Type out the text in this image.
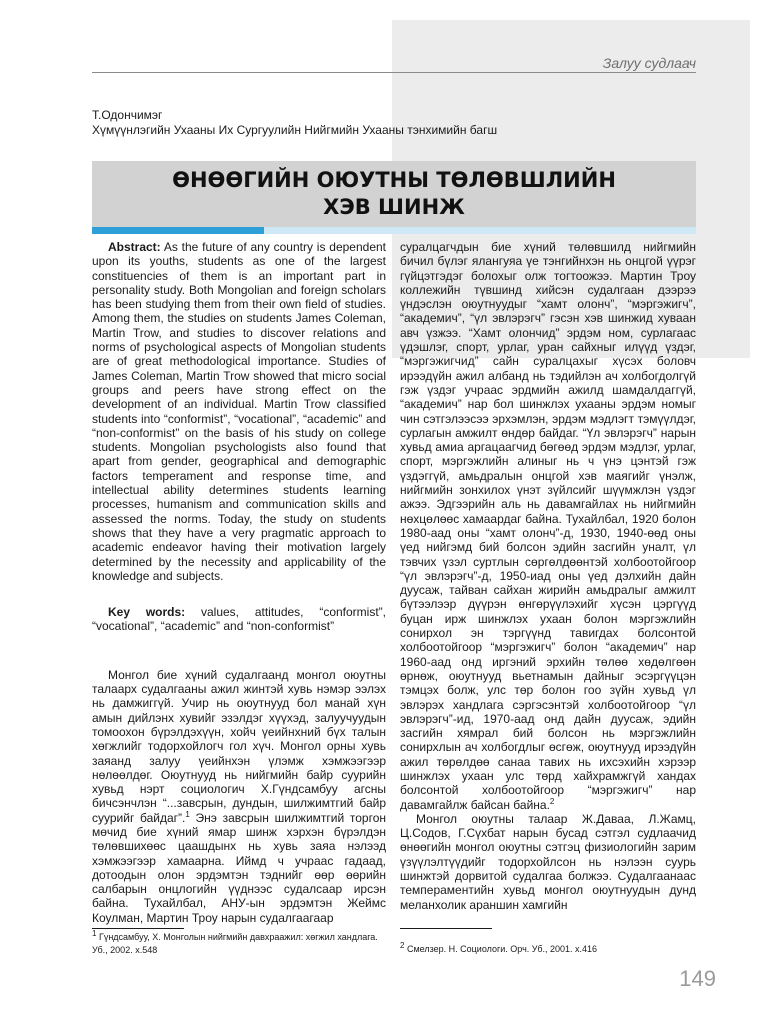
Залуу судлаач
Т.Одончимэг
Хүмүүнлэгийн Ухааны Их Сургуулийн Нийгмийн Ухааны тэнхимийн багш
ӨНӨӨГИЙН ОЮУТНЫ ТӨЛӨВШЛИЙН
ХЭВ ШИНЖ

Abstract: As the future of any country is dependent upon its youths, students as one of the largest constituencies of them is an important part in personality study. Both Mongolian and foreign scholars has been studying them from their own field of studies. Among them, the studies on students James Coleman, Martin Trow, and studies to discover relations and norms of psychological aspects of Mongolian students are of great methodological importance. Studies of James Coleman, Martin Trow showed that micro social groups and peers have strong effect on the development of an individual. Martin Trow classified students into “conformist”, “vocational”, “academic” and “non-conformist” on the basis of his study on college students. Mongolian psychologists also found that apart from gender, geographical and demographic factors temperament and response time, and intellectual ability determines students learning processes, humanism and communication skills and assessed the norms. Today, the study on students shows that they have a very pragmatic approach to academic endeavor having their motivation largely determined by the necessity and applicability of the knowledge and subjects.

Key words: values, attitudes, “conformist”, “vocational”, “academic” and “non-conformist”

Монгол бие хүний судалгаанд монгол оюутны талаарх судалгааны ажил жинтэй хувь нэмэр ээлэх нь дамжиггүй. Учир нь оюутнууд бол манай хүн амын дийлэнх хувийг эзэлдэг хүүхэд, залуучуудын томоохон бүрэлдэхүүн, хойч үеийнхний бүх талын хөгжлийг тодорхойлогч гол хүч. Монгол орны хувь заяанд залуу үеийнхэн үлэмж хэмжээгээр нөлөөлдөг. Оюутнууд нь нийгмийн байр суурийн хувьд нэрт социологич Х.Гүндсамбуу агсны бичсэнчлэн “...завсрын, дундын, шилжимтгий байр суурийг байдаг”.$^1$ Энэ завсрын шилжимтгий торгон мөчид бие хүний ямар шинж хэрхэн бүрэлдэн төлөвшихөөс цаашдынх нь хувь заяа нэлээд хэмжээгээр хамаарна. Иймд ч учраас гадаад, дотоодын олон эрдэмтэн тэднийг өөр өөрийн салбарын онцлогийн үүднээс судалсаар ирсэн байна. Тухайлбал, АНУ-ын эрдэмтэн Жеймс Коулман, Мартин Троу нарын судалгаагаар

суралцагчдын бие хүний төлөвшилд нийгмийн бичил бүлэг ялангуяа үе тэнгийнхэн нь онцгой үүрэг гүйцэтгэдэг болохыг олж тогтоожээ. Мартин Троу коллежийн түвшинд хийсэн судалгаан дээрээ үндэслэн оюутнуудыг “хамт олонч”, “мэргэжигч”, “академич”, “үл эвлэрэгч” гэсэн хэв шинжид хуваан авч үзжээ. “Хамт олончид” эрдэм ном, сурлагаас үдэшлэг, спорт, урлаг, уран сайхныг илүүд үздэг, “мэргэжигчид” сайн суралцахыг хүсэх боловч ирээдүйн ажил албанд нь тэдийлэн ач холбогдолгүй гэж үздэг учраас эрдмийн ажилд шамдалдаггүй, “академич” нар бол шинжлэх ухааны эрдэм номыг чин сэтгэлээсээ эрхэмлэн, эрдэм мэдлэгт тэмүүлдэг, сурлагын амжилт өндөр байдаг. “Үл эвлэрэгч” нарын хувьд амиа аргацаагчид бөгөөд эрдэм мэдлэг, урлаг, спорт, мэргэжлийн алиныг нь ч үнэ цэнтэй гэж үздэггүй, амьдралын онцгой хэв маягийг үнэлж, нийгмийн зонхилох үнэт зүйлсийг шүүмжлэн үздэг ажээ. Эдгээрийн аль нь давамгайлах нь нийгмийн нөхцөлөөс хамаардаг байна. Тухайлбал, 1920 болон 1980-аад оны “хамт олонч”-д, 1930, 1940-өөд оны үед нийгэмд бий болсон эдийн засгийн уналт, үл тэвчих үзэл суртлын сөргөлдөөнтэй холбоотойгоор “үл эвлэрэгч”-д, 1950-иад оны үед дэлхийн дайн дуусаж, тайван сайхан жирийн амьдралыг амжилт бүтээлээр дүүрэн өнгөрүүлэхийг хүсэн цэргүүд буцан ирж шинжлэх ухаан болон мэргэжлийн сонирхол эн тэргүүнд тавигдах болсонтой холбоотойгоор “мэргэжигч” болон “академич” нар 1960-аад онд иргэний эрхийн төлөө хөдөлгөөн өрнөж, оюутнууд вьетнамын дайныг эсэргүүцэн тэмцэх болж, улс төр болон гоо зүйн хувьд үл эвлэрэх хандлага сэргэсэнтэй холбоотойгоор “үл эвлэрэгч”-ид, 1970-аад онд дайн дуусаж, эдийн засгийн хямрал бий болсон нь мэргэжлийн сонирхлын ач холбогдлыг өсгөж, оюутнууд ирээдүйн ажил төрөлдөө санаа тавих нь ихсэхийн хэрээр шинжлэх ухаан улс төрд хайхрамжгүй хандах болсонтой холбоотойгоор “мэргэжигч” нар давамгайлж байсан байна.$^2$

Монгол оюутны талаар Ж.Даваа, Л.Жамц, Ц.Содов, Г.Сүхбат нарын бусад сэтгэл судлаачид өнөөгийн монгол оюутны сэтгэц физиологийн зарим үзүүлэлтүүдийг тодорхойлсон нь нэлээн суурь шинжтэй дорвитой судалгаа болжээ. Судалгаанаас темпераментийн хувьд монгол оюутнуудын дунд меланхолик араншин хамгийн

$^1$ Гүндсамбуу, Х. Монголын нийгмийн давхраажил: хөгжил хандлага. Уб., 2002. х.548	$^2$ Смелзер. Н. Социологи. Орч. Уб., 2001. х.416
149
